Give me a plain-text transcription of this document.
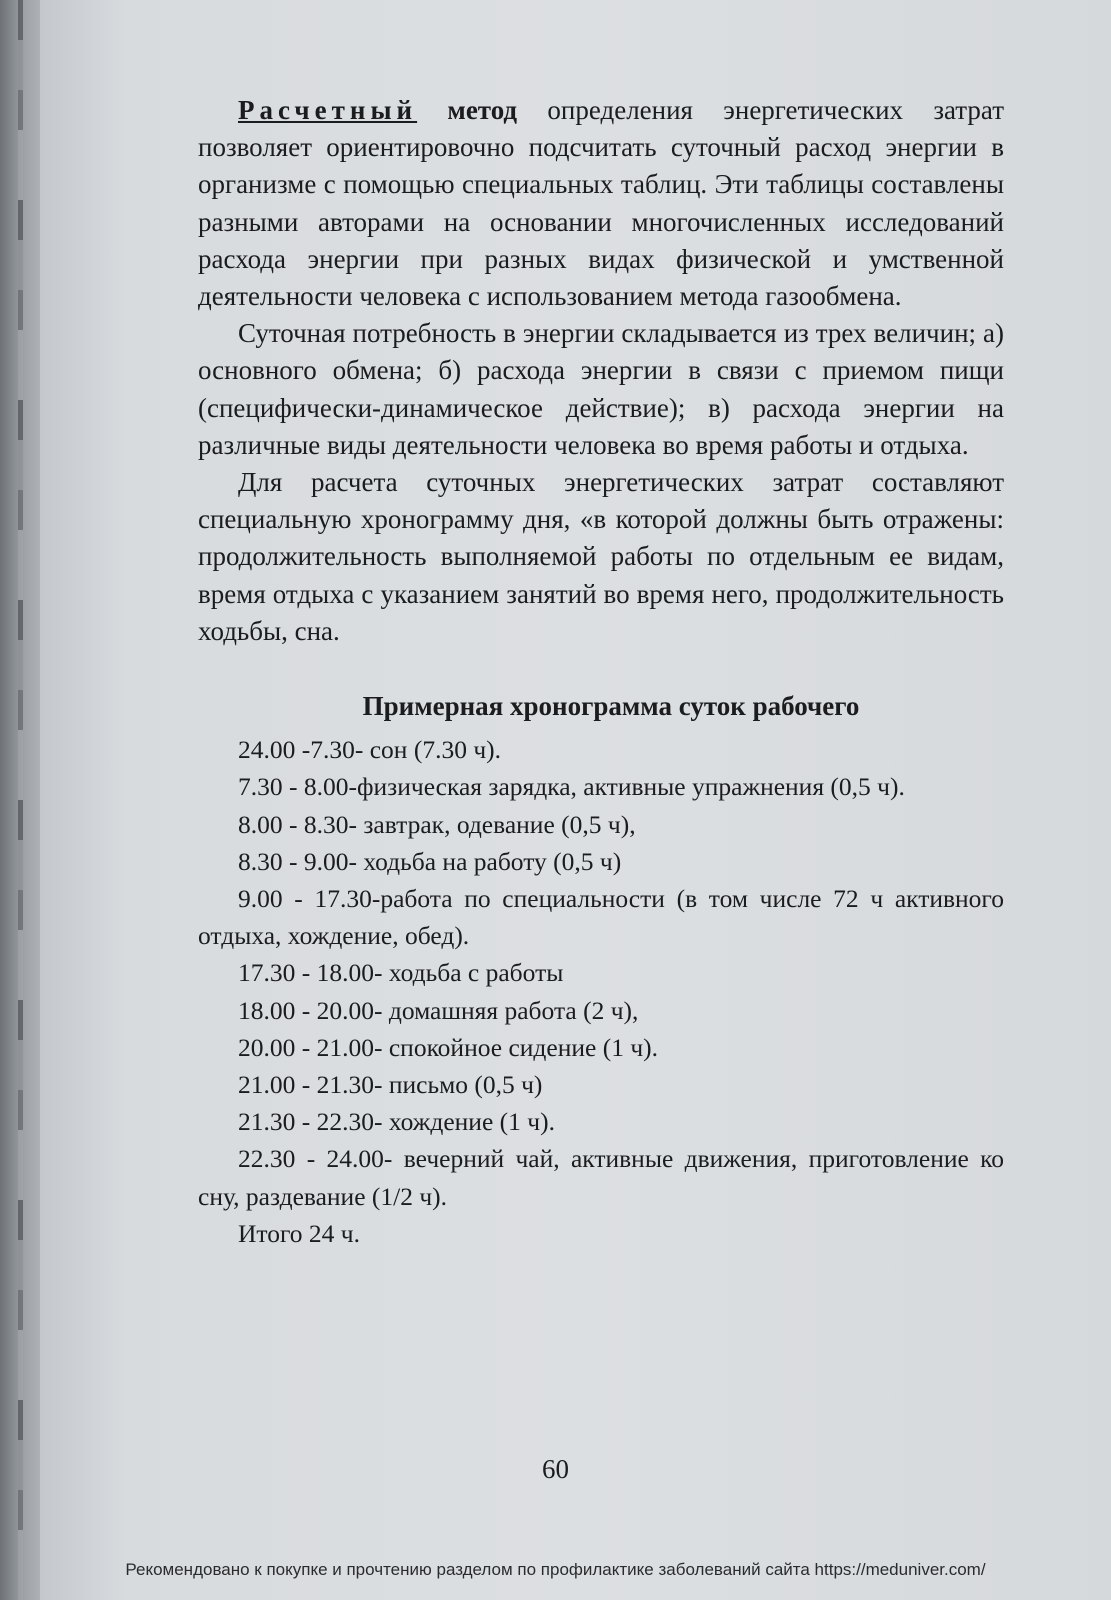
Расчетный метод определения энергетических затрат позволяет ориентировочно подсчитать суточный расход энергии в организме с помощью специальных таблиц. Эти таблицы составлены разными авторами на основании многочисленных исследований расхода энергии при разных видах физической и умственной деятельности человека с использованием метода газообмена.

Суточная потребность в энергии складывается из трех величин; а) основного обмена; б) расхода энергии в связи с приемом пищи (специфически-динамическое действие); в) расхода энергии на различные виды деятельности человека во время работы и отдыха.

Для расчета суточных энергетических затрат составляют специальную хронограмму дня, «в которой должны быть отражены: продолжительность выполняемой работы по отдельным ее видам, время отдыха с указанием занятий во время него, продолжительность ходьбы, сна.

Примерная хронограмма суток рабочего
24.00 -7.30- сон (7.30 ч).
7.30 - 8.00-физическая зарядка, активные упражнения (0,5 ч).
8.00 - 8.30- завтрак, одевание (0,5 ч),
8.30 - 9.00- ходьба на работу (0,5 ч)
9.00 - 17.30-работа по специальности (в том числе 72 ч активного отдыха, хождение, обед).
17.30 - 18.00- ходьба с работы
18.00 - 20.00- домашняя работа (2 ч),
20.00 - 21.00- спокойное сидение (1 ч).
21.00 - 21.30- письмо (0,5 ч)
21.30 - 22.30- хождение (1 ч).
22.30 - 24.00- вечерний чай, активные движения, приготовление ко сну, раздевание (1/2 ч).
Итого 24 ч.
60
Рекомендовано к покупке и прочтению разделом по профилактике заболеваний сайта https://meduniver.com/
